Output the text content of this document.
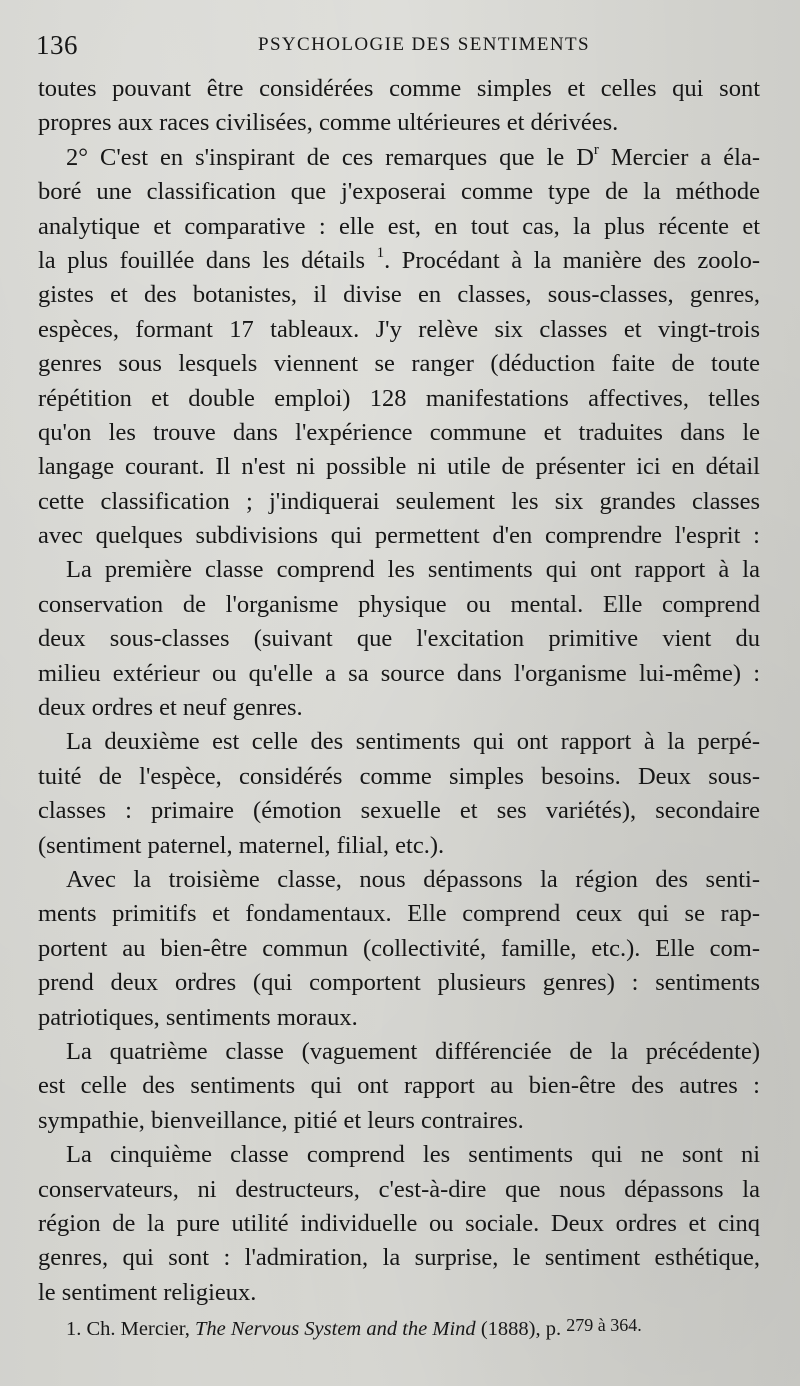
136	PSYCHOLOGIE DES SENTIMENTS
toutes pouvant être considérées comme simples et celles qui sont
propres aux races civilisées, comme ultérieures et dérivées.
2° C'est en s'inspirant de ces remarques que le $D^r$ Mercier a éla-
boré une classification que j'exposerai comme type de la méthode
analytique et comparative : elle est, en tout cas, la plus récente et
la plus fouillée dans les détails $^1$. Procédant à la manière des zoolo-
gistes et des botanistes, il divise en classes, sous-classes, genres,
espèces, formant 17 tableaux. J'y relève six classes et vingt-trois
genres sous lesquels viennent se ranger (déduction faite de toute
répétition et double emploi) 128 manifestations affectives, telles
qu'on les trouve dans l'expérience commune et traduites dans le
langage courant. Il n'est ni possible ni utile de présenter ici en détail
cette classification ; j'indiquerai seulement les six grandes classes
avec quelques subdivisions qui permettent d'en comprendre l'esprit :
La première classe comprend les sentiments qui ont rapport à la
conservation de l'organisme physique ou mental. Elle comprend
deux sous-classes (suivant que l'excitation primitive vient du
milieu extérieur ou qu'elle a sa source dans l'organisme lui-même) :
deux ordres et neuf genres.
La deuxième est celle des sentiments qui ont rapport à la perpé-
tuité de l'espèce, considérés comme simples besoins. Deux sous-
classes : primaire (émotion sexuelle et ses variétés), secondaire
(sentiment paternel, maternel, filial, etc.).
Avec la troisième classe, nous dépassons la région des senti-
ments primitifs et fondamentaux. Elle comprend ceux qui se rap-
portent au bien-être commun (collectivité, famille, etc.). Elle com-
prend deux ordres (qui comportent plusieurs genres) : sentiments
patriotiques, sentiments moraux.
La quatrième classe (vaguement différenciée de la précédente)
est celle des sentiments qui ont rapport au bien-être des autres :
sympathie, bienveillance, pitié et leurs contraires.
La cinquième classe comprend les sentiments qui ne sont ni
conservateurs, ni destructeurs, c'est-à-dire que nous dépassons la
région de la pure utilité individuelle ou sociale. Deux ordres et cinq
genres, qui sont : l'admiration, la surprise, le sentiment esthétique,
le sentiment religieux.
1. Ch. Mercier, The Nervous System and the Mind (1888), p. 279 à 364.
